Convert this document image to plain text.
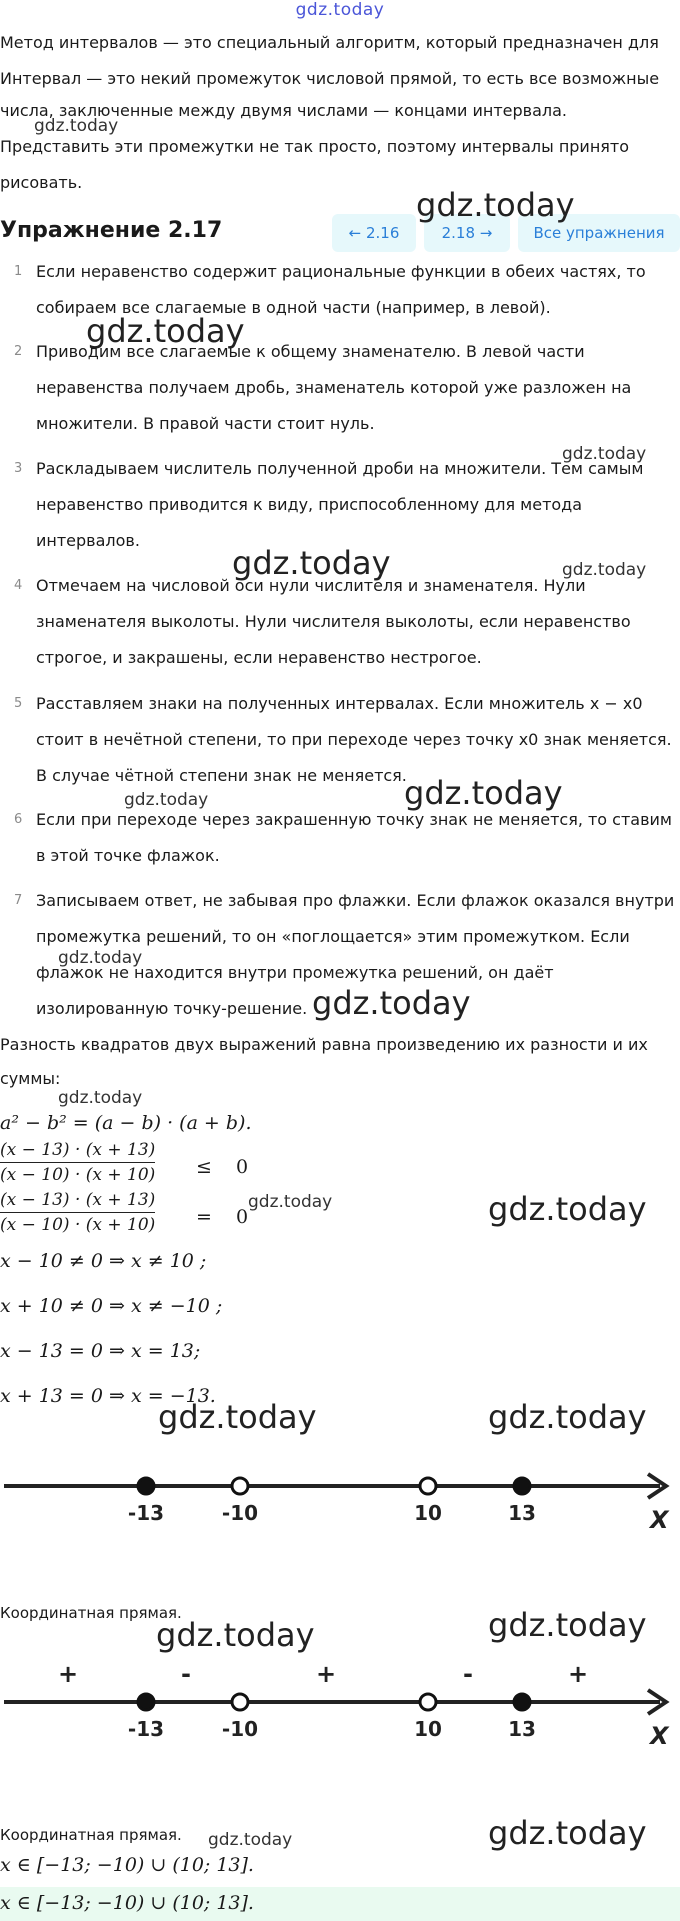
gdz.today
Метод интервалов — это специальный алгоритм, который предназначен для
Интервал — это некий промежуток числовой прямой, то есть все возможные
числа, заключенные между двумя числами — концами интервала.
Представить эти промежутки не так просто, поэтому интервалы принято
рисовать.
Упражнение 2.17	← 2.16	2.18 →	Все упражнения
1 Если неравенство содержит рациональные функции в обеих частях, то
собираем все слагаемые в одной части (например, в левой).
2 Приводим все слагаемые к общему знаменателю. В левой части
неравенства получаем дробь, знаменатель которой уже разложен на
множители. В правой части стоит нуль.
3 Раскладываем числитель полученной дроби на множители. Тем самым
неравенство приводится к виду, приспособленному для метода
интервалов.
4 Отмечаем на числовой оси нули числителя и знаменателя. Нули
знаменателя выколоты. Нули числителя выколоты, если неравенство
строгое, и закрашены, если неравенство нестрогое.
5 Расставляем знаки на полученных интервалах. Если множитель x − x0
стоит в нечётной степени, то при переходе через точку x0 знак меняется.
В случае чётной степени знак не меняется.
6 Если при переходе через закрашенную точку знак не меняется, то ставим
в этой точке флажок.
7 Записываем ответ, не забывая про флажки. Если флажок оказался внутри
промежутка решений, то он «поглощается» этим промежутком. Если
флажок не находится внутри промежутка решений, он даёт
изолированную точку-решение.
Разность квадратов двух выражений равна произведению их разности и их
суммы:
a² − b² = (a − b) · (a + b).
(x − 13) · (x + 13)
(x − 10) · (x + 10) ≤ 0
(x − 13) · (x + 13)
(x − 10) · (x + 10) = 0
x − 10 ≠ 0 ⇒ x ≠ 10 ;
x + 10 ≠ 0 ⇒ x ≠ −10 ;
x − 13 = 0 ⇒ x = 13;
x + 13 = 0 ⇒ x = −13.
-13	-10	10	13	X
Координатная прямая.
+	-	+	-	+
-13	-10	10	13	X
Координатная прямая.
x ∈ [−13; −10) ∪ (10; 13].
x ∈ [−13; −10) ∪ (10; 13].
gdz.today
gdz.today
gdz.today
gdz.today
gdz.today	gdz.today
gdz.today
gdz.today
gdz.today
gdz.today
gdz.today
gdz.today	gdz.today
gdz.today	gdz.today
gdz.today	gdz.today
gdz.today	gdz.today
